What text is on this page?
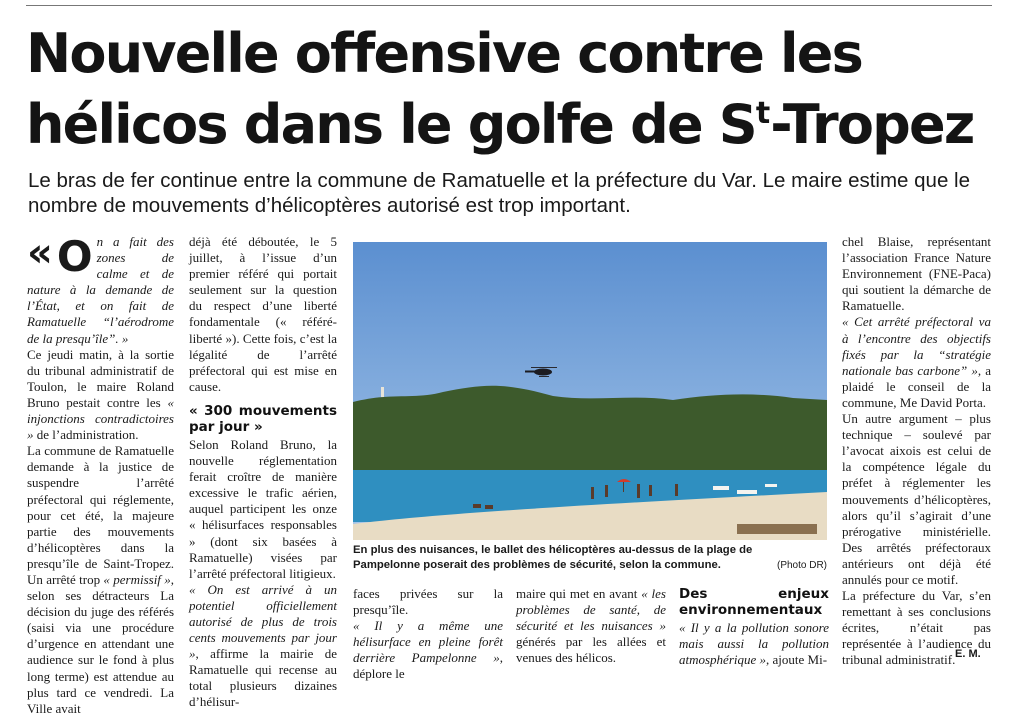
Nouvelle offensive contre les
hélicos dans le golfe de $S^t$-Tropez

Le bras de fer continue entre la commune de Ramatuelle et la préfecture du Var. Le maire estime que le nombre de mouvements d’hélicoptères autorisé est trop important.

« O n a fait des zones de calme et de nature à la demande de l’État, et on fait de Ramatuelle “l’aérodrome de la presqu’île”. »

Ce jeudi matin, à la sortie du tribunal administratif de Toulon, le maire Roland Bruno pestait contre les « injonctions contradictoires » de l’administration.

La commune de Ramatuelle demande à la justice de suspendre l’arrêté préfectoral qui réglemente, pour cet été, la majeure partie des mouvements d’hélicoptères dans la presqu’île de Saint-Tropez. Un arrêté trop « permissif », selon ses détracteurs La décision du juge des référés (saisi via une procédure d’urgence en attendant une audience sur le fond à plus long terme) est attendue au plus tard ce vendredi. La Ville avait

déjà été déboutée, le 5 juillet, à l’issue d’un premier référé qui portait seulement sur la question du respect d’une liberté fondamentale (« référé-liberté »). Cette fois, c’est la légalité de l’arrêté préfectoral qui est mise en cause.

« 300 mouvements par jour »

Selon Roland Bruno, la nouvelle réglementation ferait croître de manière excessive le trafic aérien, auquel participent les onze « hélisurfaces responsables » (dont six basées à Ramatuelle) visées par l’arrêté préfectoral litigieux.

« On est arrivé à un potentiel officiellement autorisé de plus de trois cents mouvements par jour », affirme la mairie de Ramatuelle qui recense au total plusieurs dizaines d’hélisur-

En plus des nuisances, le ballet des hélicoptères au-dessus de la plage de Pampelonne poserait des problèmes de sécurité, selon la commune.	(Photo DR)

faces privées sur la presqu’île.

« Il y a même une hélisurface en pleine forêt derrière Pampelonne », déplore le

maire qui met en avant « les problèmes de santé, de sécurité et les nuisances » générés par les allées et venues des hélicos.

Des enjeux environnementaux

« Il y a la pollution sonore mais aussi la pollution atmosphérique », ajoute Mi-

chel Blaise, représentant l’association France Nature Environnement (FNE-Paca) qui soutient la démarche de Ramatuelle.

« Cet arrêté préfectoral va à l’encontre des objectifs fixés par la “stratégie nationale bas carbone” », a plaidé le conseil de la commune, Me David Porta.

Un autre argument – plus technique – soulevé par l’avocat aixois est celui de la compétence légale du préfet à réglementer les mouvements d’hélicoptères, alors qu’il s’agirait d’une prérogative ministérielle. Des arrêtés préfectoraux antérieurs ont déjà été annulés pour ce motif.

La préfecture du Var, s’en remettant à ses conclusions écrites, n’était pas représentée à l’audience du tribunal administratif. E. M.
